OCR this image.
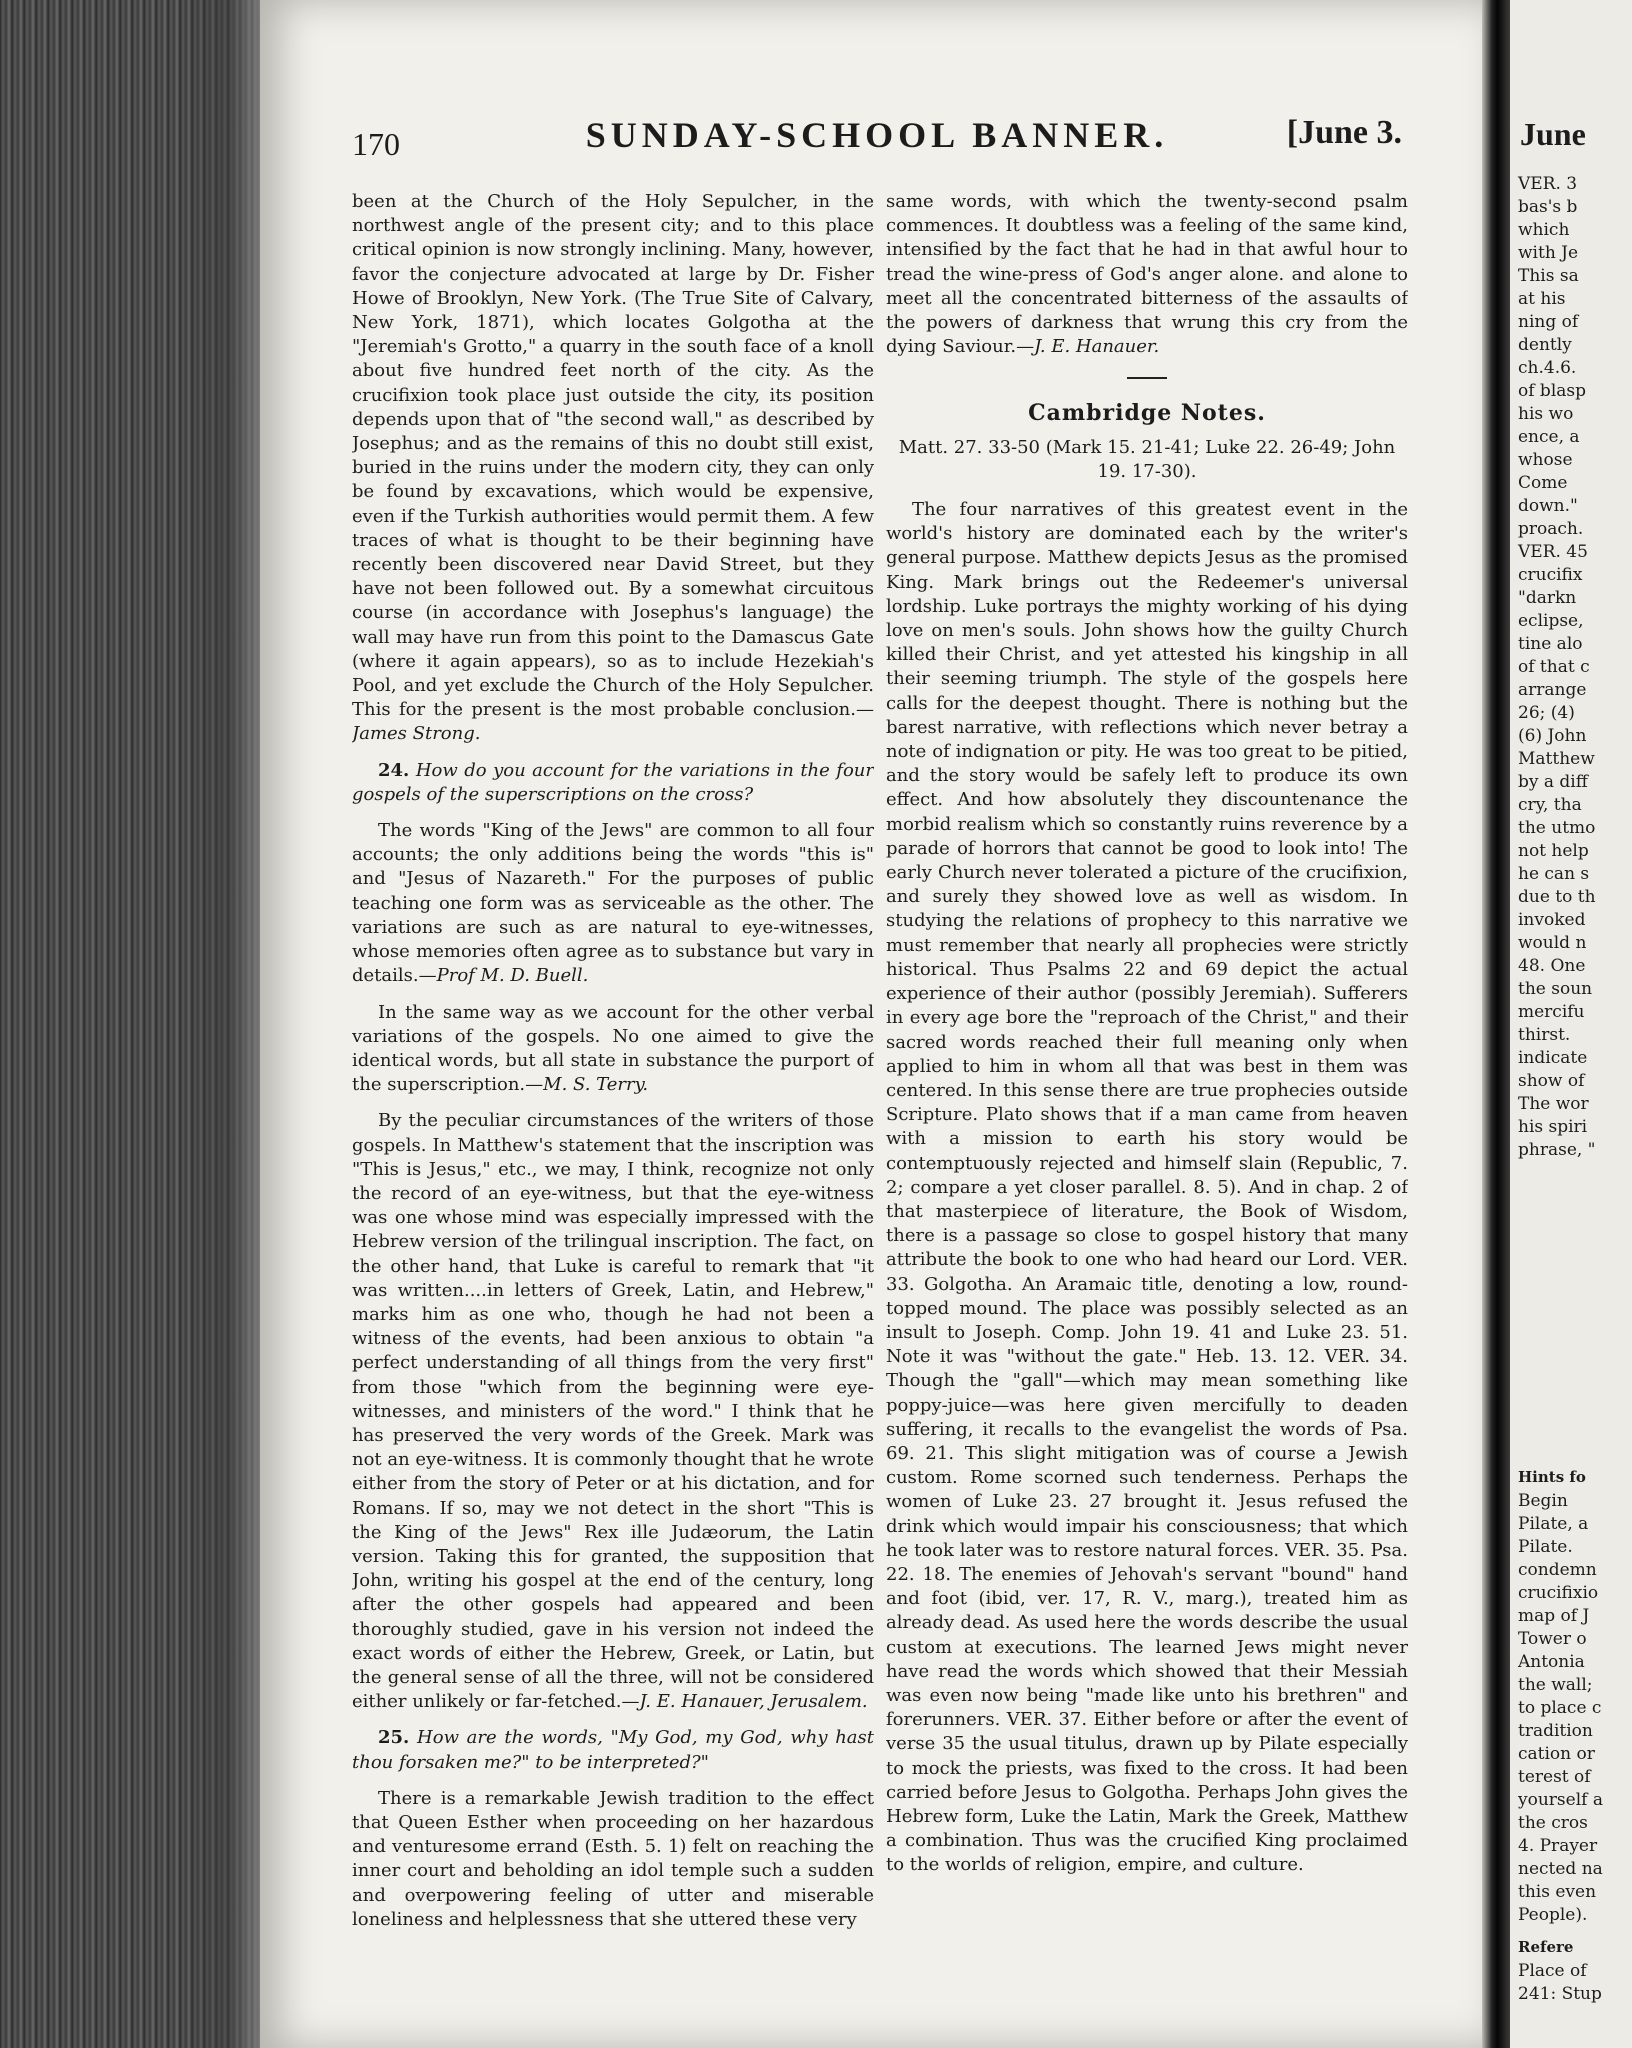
170	SUNDAY-SCHOOL BANNER.	[June 3.

been at the Church of the Holy Sepulcher, in the northwest angle of the present city; and to this place critical opinion is now strongly inclining. Many, however, favor the conjecture advocated at large by Dr. Fisher Howe of Brooklyn, New York. (The True Site of Calvary, New York, 1871), which locates Golgotha at the "Jeremiah's Grotto," a quarry in the south face of a knoll about five hundred feet north of the city. As the crucifixion took place just outside the city, its position depends upon that of "the second wall," as described by Josephus; and as the remains of this no doubt still exist, buried in the ruins under the modern city, they can only be found by excavations, which would be expensive, even if the Turkish authorities would permit them. A few traces of what is thought to be their beginning have recently been discovered near David Street, but they have not been followed out. By a somewhat circuitous course (in accordance with Josephus's language) the wall may have run from this point to the Damascus Gate (where it again appears), so as to include Hezekiah's Pool, and yet exclude the Church of the Holy Sepulcher. This for the present is the most probable conclusion.—James Strong.

24. How do you account for the variations in the four gospels of the superscriptions on the cross?

The words "King of the Jews" are common to all four accounts; the only additions being the words "this is" and "Jesus of Nazareth." For the purposes of public teaching one form was as serviceable as the other. The variations are such as are natural to eye-witnesses, whose memories often agree as to substance but vary in details.—Prof M. D. Buell.

In the same way as we account for the other verbal variations of the gospels. No one aimed to give the identical words, but all state in substance the purport of the superscription.—M. S. Terry.

By the peculiar circumstances of the writers of those gospels. In Matthew's statement that the inscription was "This is Jesus," etc., we may, I think, recognize not only the record of an eye-witness, but that the eye-witness was one whose mind was especially impressed with the Hebrew version of the trilingual inscription. The fact, on the other hand, that Luke is careful to remark that "it was written....in letters of Greek, Latin, and Hebrew," marks him as one who, though he had not been a witness of the events, had been anxious to obtain "a perfect understanding of all things from the very first" from those "which from the beginning were eye-witnesses, and ministers of the word." I think that he has preserved the very words of the Greek. Mark was not an eye-witness. It is commonly thought that he wrote either from the story of Peter or at his dictation, and for Romans. If so, may we not detect in the short "This is the King of the Jews" Rex ille Judæorum, the Latin version. Taking this for granted, the supposition that John, writing his gospel at the end of the century, long after the other gospels had appeared and been thoroughly studied, gave in his version not indeed the exact words of either the Hebrew, Greek, or Latin, but the general sense of all the three, will not be considered either unlikely or far-fetched.—J. E. Hanauer, Jerusalem.

25. How are the words, "My God, my God, why hast thou forsaken me?" to be interpreted?"

There is a remarkable Jewish tradition to the effect that Queen Esther when proceeding on her hazardous and venturesome errand (Esth. 5. 1) felt on reaching the inner court and beholding an idol temple such a sudden and overpowering feeling of utter and miserable loneliness and helplessness that she uttered these very

same words, with which the twenty-second psalm commences. It doubtless was a feeling of the same kind, intensified by the fact that he had in that awful hour to tread the wine-press of God's anger alone. and alone to meet all the concentrated bitterness of the assaults of the powers of darkness that wrung this cry from the dying Saviour.—J. E. Hanauer.

Cambridge Notes.
Matt. 27. 33-50 (Mark 15. 21-41; Luke 22. 26-49; John 19. 17-30).

The four narratives of this greatest event in the world's history are dominated each by the writer's general purpose. Matthew depicts Jesus as the promised King. Mark brings out the Redeemer's universal lordship. Luke portrays the mighty working of his dying love on men's souls. John shows how the guilty Church killed their Christ, and yet attested his kingship in all their seeming triumph. The style of the gospels here calls for the deepest thought. There is nothing but the barest narrative, with reflections which never betray a note of indignation or pity. He was too great to be pitied, and the story would be safely left to produce its own effect. And how absolutely they discountenance the morbid realism which so constantly ruins reverence by a parade of horrors that cannot be good to look into! The early Church never tolerated a picture of the crucifixion, and surely they showed love as well as wisdom. In studying the relations of prophecy to this narrative we must remember that nearly all prophecies were strictly historical. Thus Psalms 22 and 69 depict the actual experience of their author (possibly Jeremiah). Sufferers in every age bore the "reproach of the Christ," and their sacred words reached their full meaning only when applied to him in whom all that was best in them was centered. In this sense there are true prophecies outside Scripture. Plato shows that if a man came from heaven with a mission to earth his story would be contemptuously rejected and himself slain (Republic, 7. 2; compare a yet closer parallel. 8. 5). And in chap. 2 of that masterpiece of literature, the Book of Wisdom, there is a passage so close to gospel history that many attribute the book to one who had heard our Lord. VER. 33. Golgotha. An Aramaic title, denoting a low, round-topped mound. The place was possibly selected as an insult to Joseph. Comp. John 19. 41 and Luke 23. 51. Note it was "without the gate." Heb. 13. 12. VER. 34. Though the "gall"—which may mean something like poppy-juice—was here given mercifully to deaden suffering, it recalls to the evangelist the words of Psa. 69. 21. This slight mitigation was of course a Jewish custom. Rome scorned such tenderness. Perhaps the women of Luke 23. 27 brought it. Jesus refused the drink which would impair his consciousness; that which he took later was to restore natural forces. VER. 35. Psa. 22. 18. The enemies of Jehovah's servant "bound" hand and foot (ibid, ver. 17, R. V., marg.), treated him as already dead. As used here the words describe the usual custom at executions. The learned Jews might never have read the words which showed that their Messiah was even now being "made like unto his brethren" and forerunners. VER. 37. Either before or after the event of verse 35 the usual titulus, drawn up by Pilate especially to mock the priests, was fixed to the cross. It had been carried before Jesus to Golgotha. Perhaps John gives the Hebrew form, Luke the Latin, Mark the Greek, Matthew a combination. Thus was the crucified King proclaimed to the worlds of religion, empire, and culture.

June
VER. 3
bas's b
which
with Je
This sa
at his
ning of
dently
ch.4.6.
of blasp
his wo
ence, a
whose
Come
down."
proach.
VER. 45
crucifix
"darkn
eclipse,
tine alo
of that c
arrange
26; (4)
(6) John
Matthew
by a diff
cry, tha
the utmo
not help
he can s
due to th
invoked
would n
48. One
the soun
mercifu
thirst.
indicate
show of
The wor
his spiri
phrase, "
Hints fo
Begin
Pilate, a
Pilate.
condemn
crucifixio
map of J
Tower o
Antonia
the wall;
to place c
tradition
cation or
terest of
yourself a
the cros
4. Prayer
nected na
this even
People).
Refere
Place of
241: Stup
